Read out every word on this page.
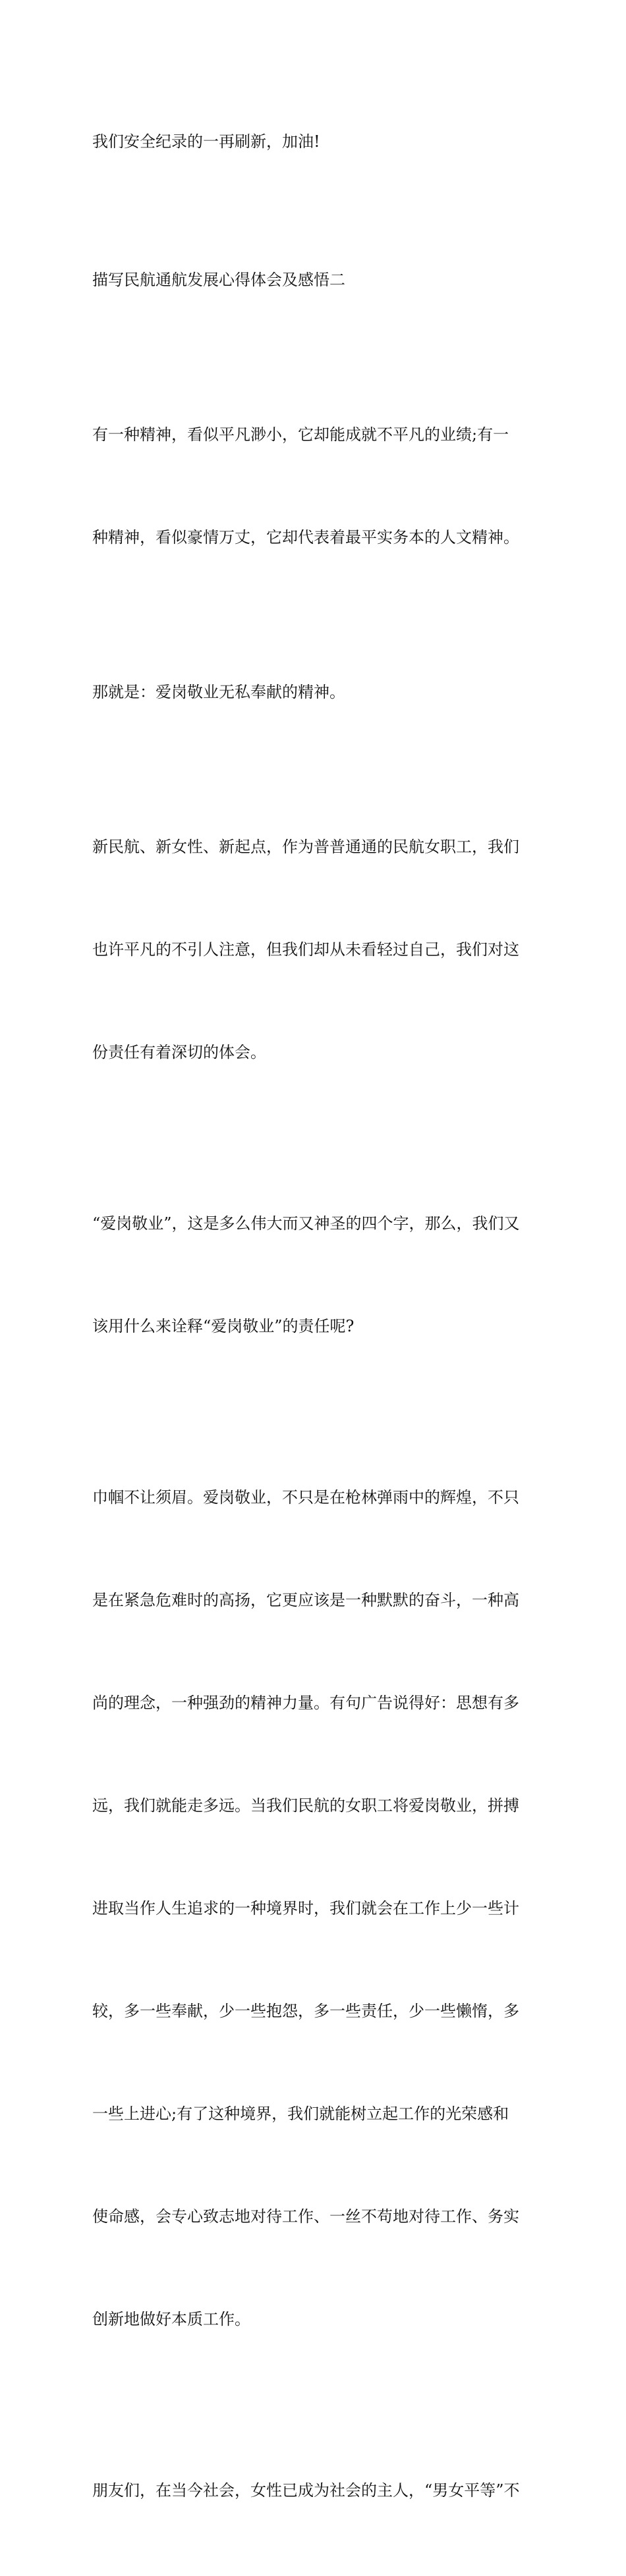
我们安全纪录的一再刷新，加油!

描写民航通航发展心得体会及感悟二

有一种精神，看似平凡渺小，它却能成就不平凡的业绩;有一

种精神，看似豪情万丈，它却代表着最平实务本的人文精神。

那就是：爱岗敬业无私奉献的精神。

新民航、新女性、新起点，作为普普通通的民航女职工，我们

也许平凡的不引人注意，但我们却从未看轻过自己，我们对这

份责任有着深切的体会。

“爱岗敬业”，这是多么伟大而又神圣的四个字，那么，我们又

该用什么来诠释“爱岗敬业”的责任呢?

巾帼不让须眉。爱岗敬业，不只是在枪林弹雨中的辉煌，不只

是在紧急危难时的高扬，它更应该是一种默默的奋斗，一种高

尚的理念，一种强劲的精神力量。有句广告说得好：思想有多

远，我们就能走多远。当我们民航的女职工将爱岗敬业，拼搏

进取当作人生追求的一种境界时，我们就会在工作上少一些计

较，多一些奉献，少一些抱怨，多一些责任，少一些懒惰，多

一些上进心;有了这种境界，我们就能树立起工作的光荣感和

使命感，会专心致志地对待工作、一丝不苟地对待工作、务实

创新地做好本质工作。

朋友们，在当今社会，女性已成为社会的主人，“男女平等”不
